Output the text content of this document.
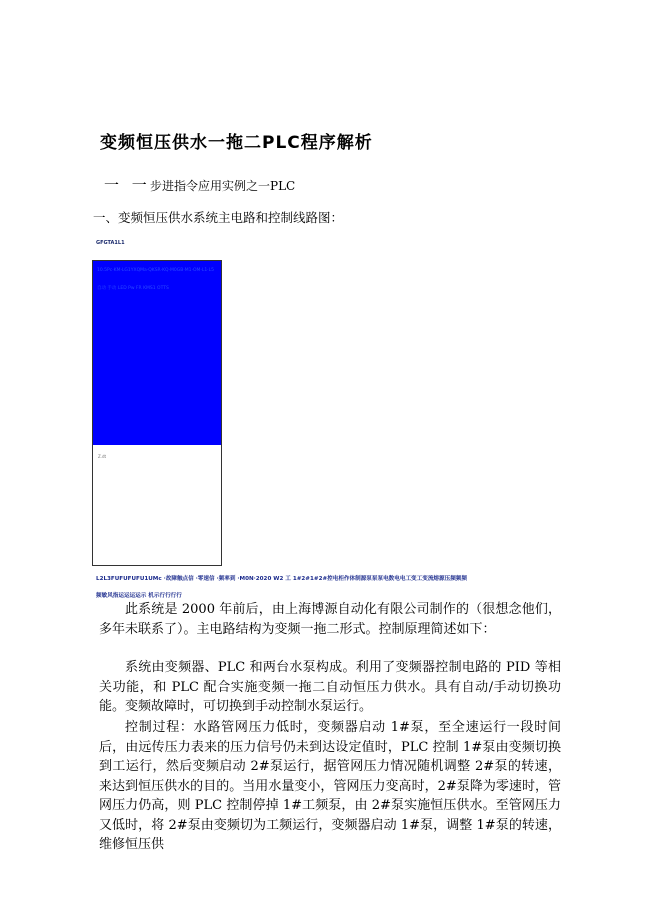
变频恒压供水一拖二PLC程序解析
一 一 步进指令应用实例之一PLC
一、变频恒压供水系统主电路和控制线路图：
GFGTA1L1
10.5Pc·KM·LG1YXQMa·QKSR·KQ·M0GB·M1·OM·L1·L5
自动 手动 LED Pw FR KMS1 OTTS
Z.dt
L2L3FUFUFUFU1UMc ·故障触点信 ·零速信 ·频率到 ·M0N·2020 W2 工 1#2#1#2#控电柜作体制源泵泵泵电数电电工变工变流熔源压频频频
频敏风指运运运运示 机示行行行行

此系统是 2000 年前后，由上海博源自动化有限公司制作的（很想念他们，多年未联系了）。主电路结构为变频一拖二形式。控制原理简述如下：

系统由变频器、PLC 和两台水泵构成。利用了变频器控制电路的 PID 等相关功能，和 PLC 配合实施变频一拖二自动恒压力供水。具有自动/手动切换功能。变频故障时，可切换到手动控制水泵运行。

控制过程：水路管网压力低时，变频器启动 1#泵，至全速运行一段时间后，由远传压力表来的压力信号仍未到达设定值时，PLC 控制 1#泵由变频切换到工运行，然后变频启动 2#泵运行，据管网压力情况随机调整 2#泵的转速，来达到恒压供水的目的。当用水量变小，管网压力变高时，2#泵降为零速时，管网压力仍高，则 PLC 控制停掉 1#工频泵，由 2#泵实施恒压供水。至管网压力又低时，将 2#泵由变频切为工频运行，变频器启动 1#泵，调整 1#泵的转速，维修恒压供
